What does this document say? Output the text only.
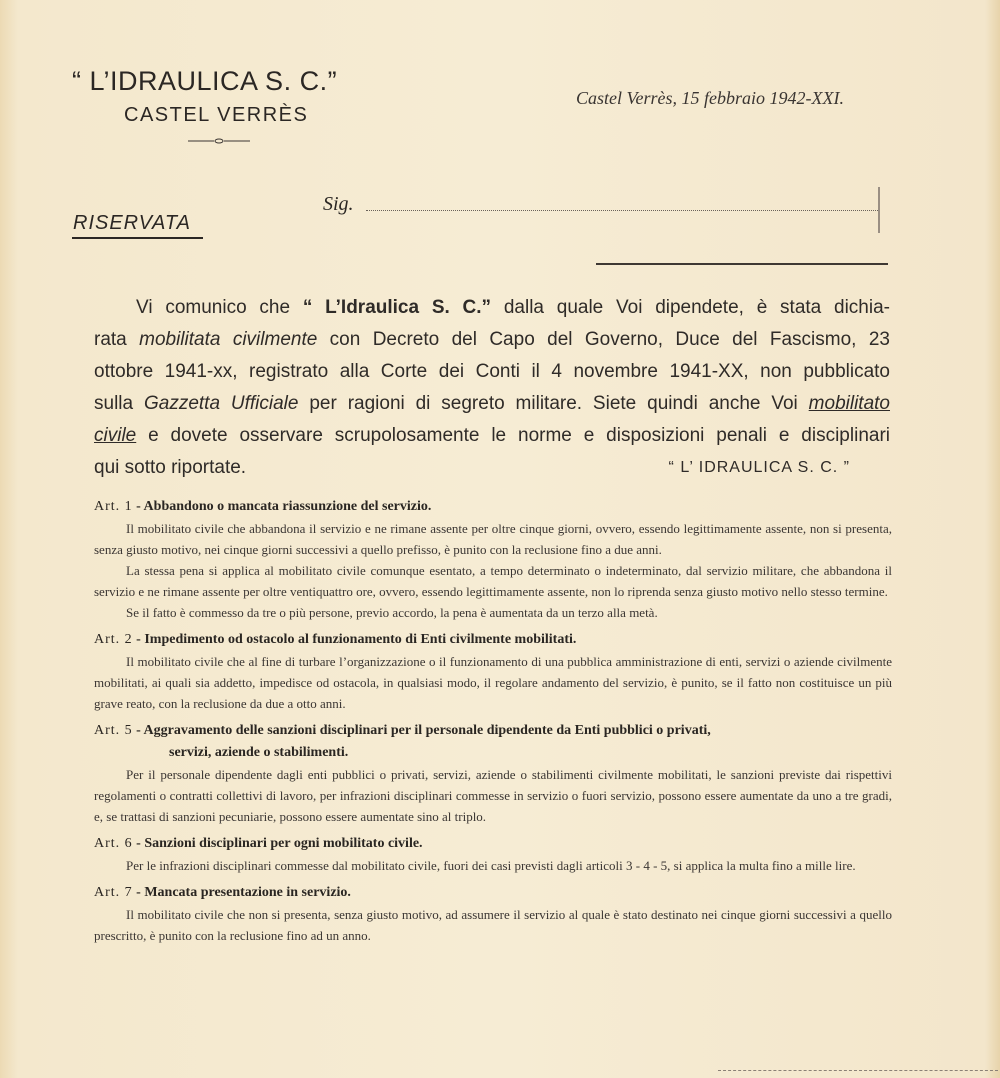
“ L’IDRAULICA S. C.”
CASTEL VERRÈS
Castel Verrès, 15 febbraio 1942-XXI.
Sig.
RISERVATA
Vi comunico che “ L’Idraulica S. C.” dalla quale Voi dipendete, è stata dichia-
rata mobilitata civilmente con Decreto del Capo del Governo, Duce del Fascismo, 23
ottobre 1941-xx, registrato alla Corte dei Conti il 4 novembre 1941-XX, non pubblicato
sulla Gazzetta Ufficiale per ragioni di segreto militare. Siete quindi anche Voi mobilitato
civile e dovete osservare scrupolosamente le norme e disposizioni penali e disciplinari
qui sotto riportate.	“ L’ IDRAULICA S. C. ”
Art. 1 - Abbandono o mancata riassunzione del servizio.

Il mobilitato civile che abbandona il servizio e ne rimane assente per oltre cinque giorni, ovvero, essendo legittimamente assente, non si presenta, senza giusto motivo, nei cinque giorni successivi a quello prefisso, è punito con la reclusione fino a due anni.

La stessa pena si applica al mobilitato civile comunque esentato, a tempo determinato o indeterminato, dal servizio militare, che abbandona il servizio e ne rimane assente per oltre ventiquattro ore, ovvero, essendo legittimamente assente, non lo riprenda senza giusto motivo nello stesso termine.

Se il fatto è commesso da tre o più persone, previo accordo, la pena è aumentata da un terzo alla metà.

Art. 2 - Impedimento od ostacolo al funzionamento di Enti civilmente mobilitati.

Il mobilitato civile che al fine di turbare l’organizzazione o il funzionamento di una pubblica amministrazione di enti, servizi o aziende civilmente mobilitati, ai quali sia addetto, impedisce od ostacola, in qualsiasi modo, il regolare andamento del servizio, è punito, se il fatto non costituisce un più grave reato, con la reclusione da due a otto anni.

Art. 5 - Aggravamento delle sanzioni disciplinari per il personale dipendente da Enti pubblici o privati,
servizi, aziende o stabilimenti.

Per il personale dipendente dagli enti pubblici o privati, servizi, aziende o stabilimenti civilmente mobilitati, le sanzioni previste dai rispettivi regolamenti o contratti collettivi di lavoro, per infrazioni disciplinari commesse in servizio o fuori servizio, possono essere aumentate da uno a tre gradi, e, se trattasi di sanzioni pecuniarie, possono essere aumentate sino al triplo.

Art. 6 - Sanzioni disciplinari per ogni mobilitato civile.

Per le infrazioni disciplinari commesse dal mobilitato civile, fuori dei casi previsti dagli articoli 3 - 4 - 5, si applica la multa fino a mille lire.

Art. 7 - Mancata presentazione in servizio.

Il mobilitato civile che non si presenta, senza giusto motivo, ad assumere il servizio al quale è stato destinato nei cinque giorni successivi a quello prescritto, è punito con la reclusione fino ad un anno.
